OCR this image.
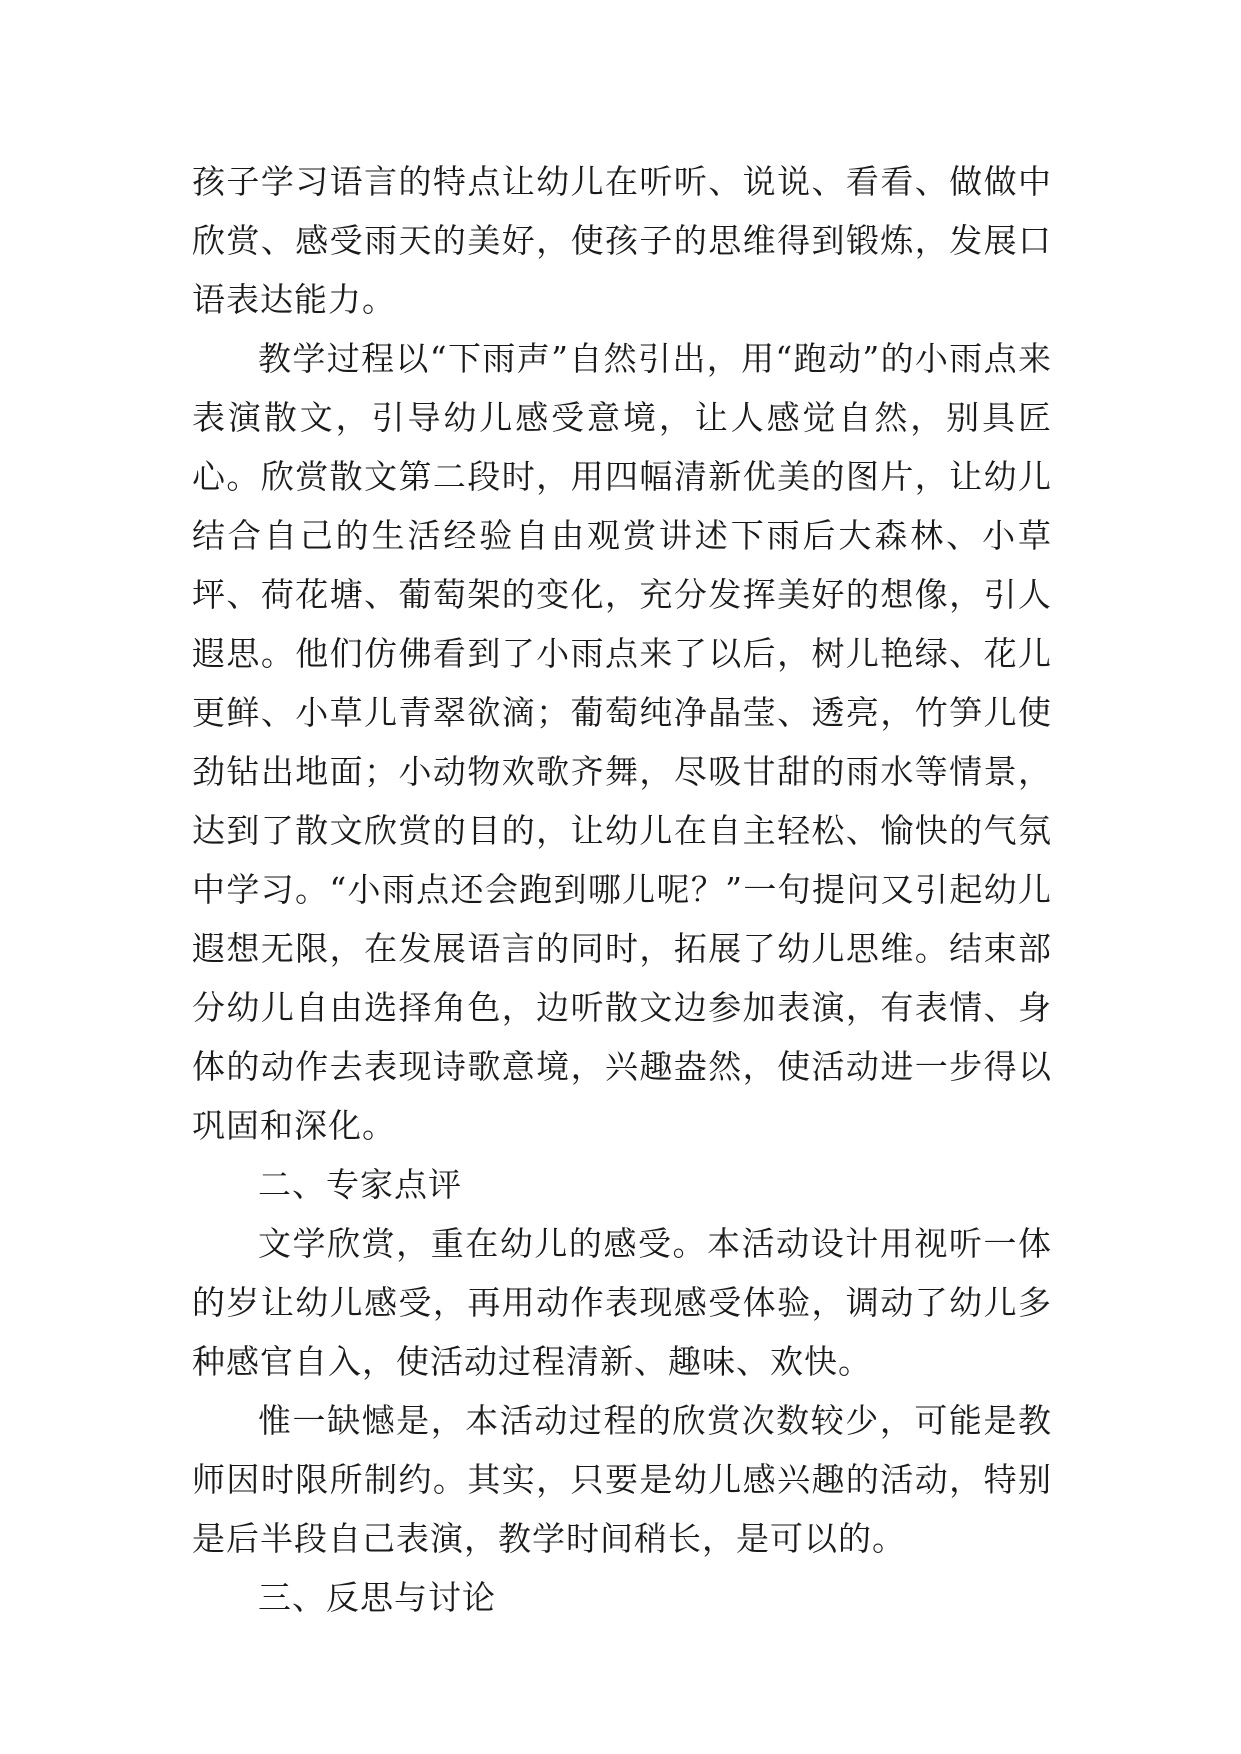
孩子学习语言的特点让幼儿在听听、说说、看看、做做中欣赏、感受雨天的美好，使孩子的思维得到锻炼，发展口语表达能力。

教学过程以“下雨声”自然引出，用“跑动”的小雨点来表演散文，引导幼儿感受意境，让人感觉自然，别具匠心。欣赏散文第二段时，用四幅清新优美的图片，让幼儿结合自己的生活经验自由观赏讲述下雨后大森林、小草坪、荷花塘、葡萄架的变化，充分发挥美好的想像，引人遐思。他们仿佛看到了小雨点来了以后，树儿艳绿、花儿更鲜、小草儿青翠欲滴；葡萄纯净晶莹、透亮，竹笋儿使劲钻出地面；小动物欢歌齐舞，尽吸甘甜的雨水等情景，达到了散文欣赏的目的，让幼儿在自主轻松、愉快的气氛中学习。“小雨点还会跑到哪儿呢？”一句提问又引起幼儿遐想无限，在发展语言的同时，拓展了幼儿思维。结束部分幼儿自由选择角色，边听散文边参加表演，有表情、身体的动作去表现诗歌意境，兴趣盎然，使活动进一步得以巩固和深化。

二、专家点评

文学欣赏，重在幼儿的感受。本活动设计用视听一体的岁让幼儿感受，再用动作表现感受体验，调动了幼儿多种感官自入，使活动过程清新、趣味、欢快。

惟一缺憾是，本活动过程的欣赏次数较少，可能是教师因时限所制约。其实，只要是幼儿感兴趣的活动，特别是后半段自己表演，教学时间稍长，是可以的。

三、反思与讨论
